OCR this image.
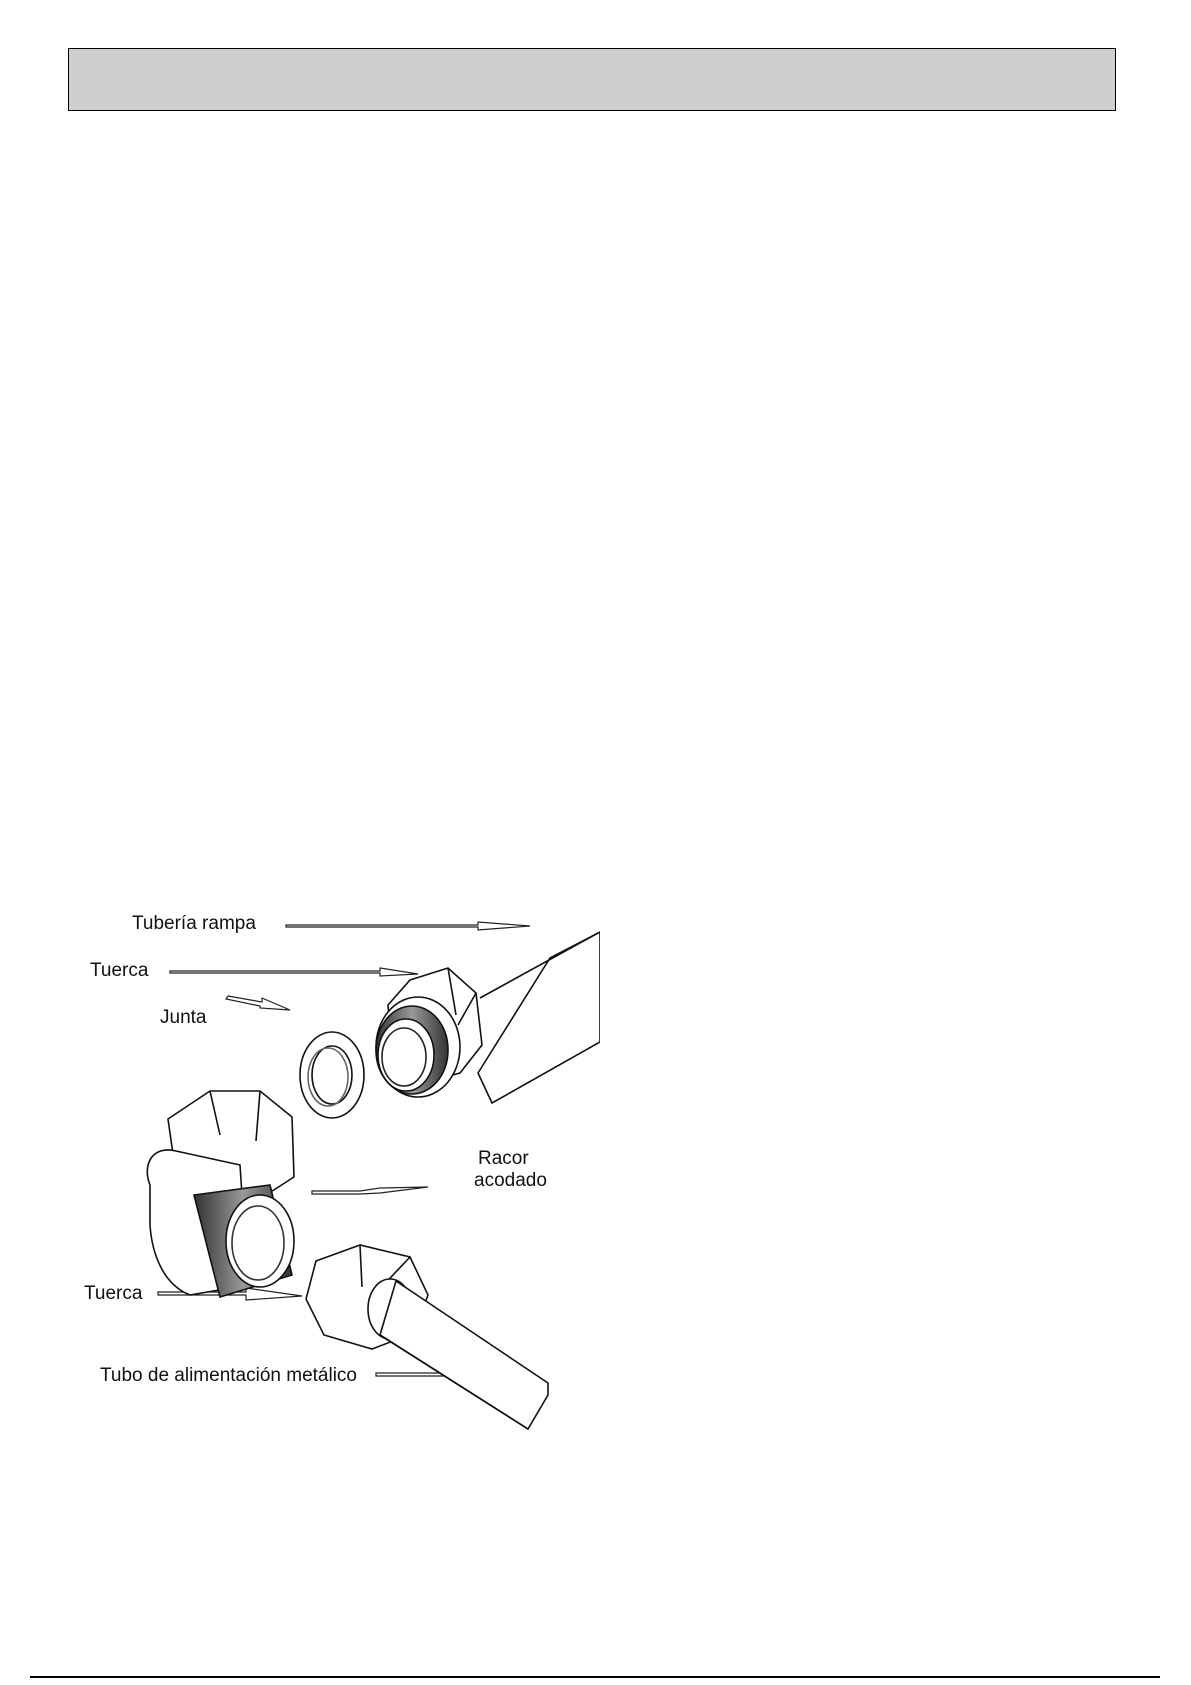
Tubería rampa
Tuerca
Junta
Racor
acodado
Tuerca
Tubo de alimentación metálico
